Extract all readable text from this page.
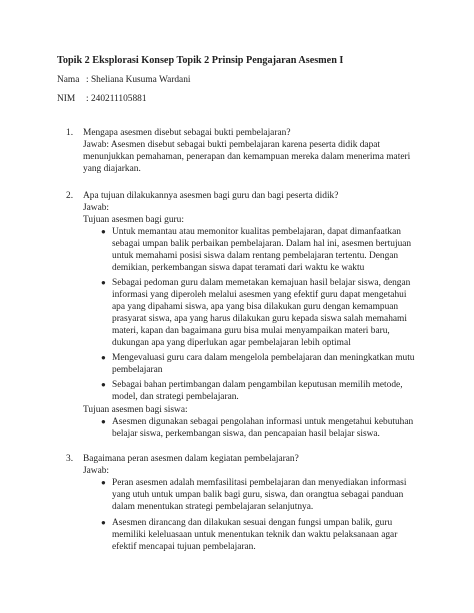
Topik 2 Eksplorasi Konsep Topik 2 Prinsip Pengajaran Asesmen I
Nama : Sheliana Kusuma Wardani
NIM : 240211105881
1. Mengapa asesmen disebut sebagai bukti pembelajaran?
Jawab: Asesmen disebut sebagai bukti pembelajaran karena peserta didik dapat
menunjukkan pemahaman, penerapan dan kemampuan mereka dalam menerima materi
yang diajarkan.
2. Apa tujuan dilakukannya asesmen bagi guru dan bagi peserta didik?
Jawab:
Tujuan asesmen bagi guru:
● Untuk memantau atau memonitor kualitas pembelajaran, dapat dimanfaatkan
sebagai umpan balik perbaikan pembelajaran. Dalam hal ini, asesmen bertujuan
untuk memahami posisi siswa dalam rentang pembelajaran tertentu. Dengan
demikian, perkembangan siswa dapat teramati dari waktu ke waktu
● Sebagai pedoman guru dalam memetakan kemajuan hasil belajar siswa, dengan
informasi yang diperoleh melalui asesmen yang efektif guru dapat mengetahui
apa yang dipahami siswa, apa yang bisa dilakukan guru dengan kemampuan
prasyarat siswa, apa yang harus dilakukan guru kepada siswa salah memahami
materi, kapan dan bagaimana guru bisa mulai menyampaikan materi baru,
dukungan apa yang diperlukan agar pembelajaran lebih optimal
● Mengevaluasi guru cara dalam mengelola pembelajaran dan meningkatkan mutu
pembelajaran
● Sebagai bahan pertimbangan dalam pengambilan keputusan memilih metode,
model, dan strategi pembelajaran.
Tujuan asesmen bagi siswa:
● Asesmen digunakan sebagai pengolahan informasi untuk mengetahui kebutuhan
belajar siswa, perkembangan siswa, dan pencapaian hasil belajar siswa.
3. Bagaimana peran asesmen dalam kegiatan pembelajaran?
Jawab:
● Peran asesmen adalah memfasilitasi pembelajaran dan menyediakan informasi
yang utuh untuk umpan balik bagi guru, siswa, dan orangtua sebagai panduan
dalam menentukan strategi pembelajaran selanjutnya.
● Asesmen dirancang dan dilakukan sesuai dengan fungsi umpan balik, guru
memiliki keleluasaan untuk menentukan teknik dan waktu pelaksanaan agar
efektif mencapai tujuan pembelajaran.
